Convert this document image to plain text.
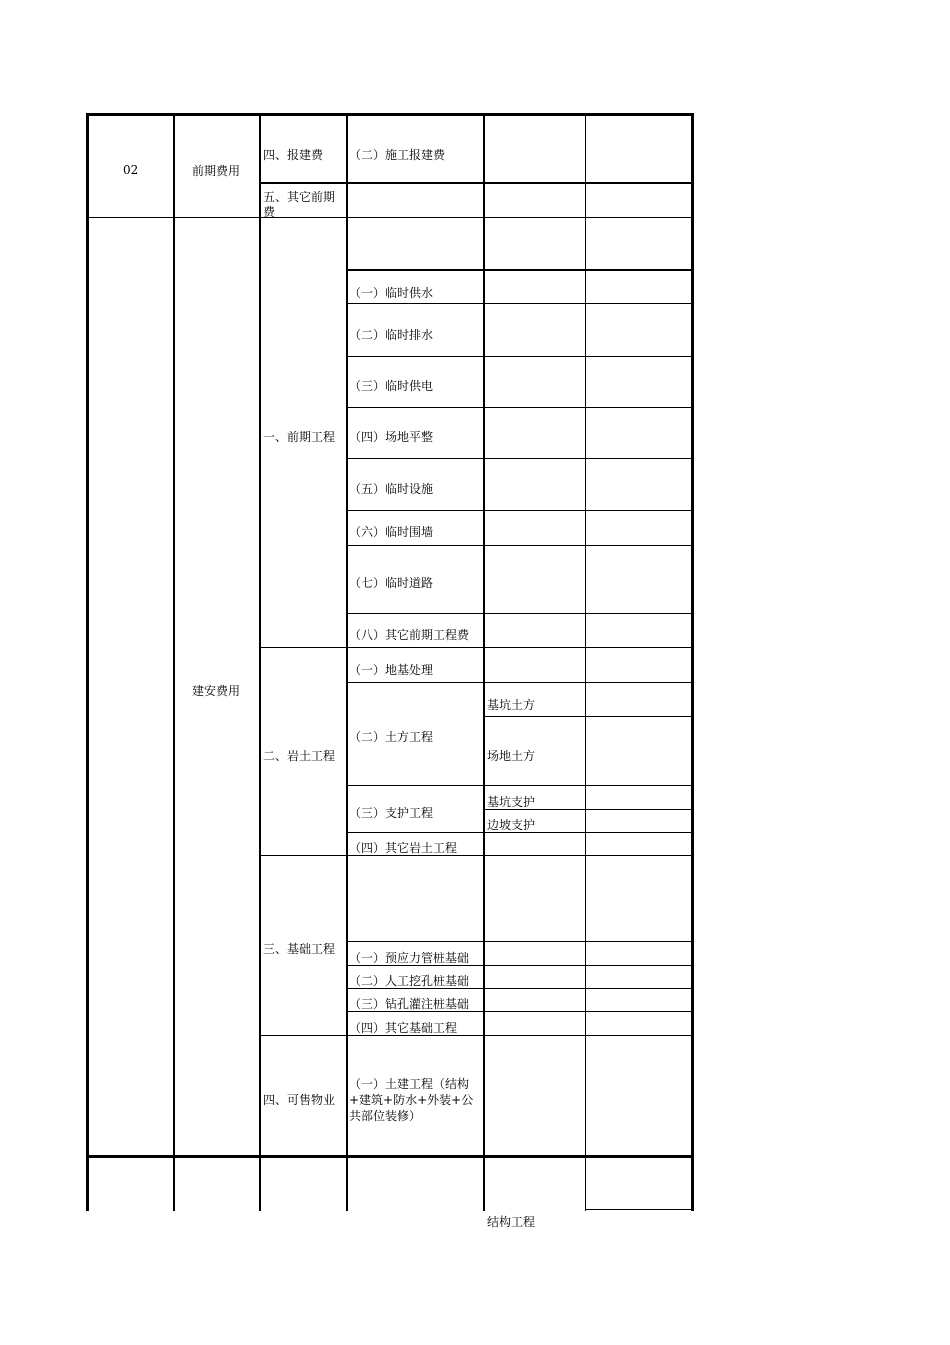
02	前期费用
四、报建费 （二）施工报建费
五、其它前期费
建安费用
一、前期工程
（一）临时供水
（二）临时排水
（三）临时供电
（四）场地平整
（五）临时设施
（六）临时围墙
（七）临时道路
（八）其它前期工程费
二、岩土工程
（一）地基处理
（二）土方工程
（三）支护工程
（四）其它岩土工程
基坑土方
场地土方
基坑支护
边坡支护
三、基础工程
（一）预应力管桩基础
（二）人工挖孔桩基础
（三）钻孔灌注桩基础
（四）其它基础工程
四、可售物业
（一）土建工程（结构+建筑+防水+外装+公共部位装修）
结构工程
